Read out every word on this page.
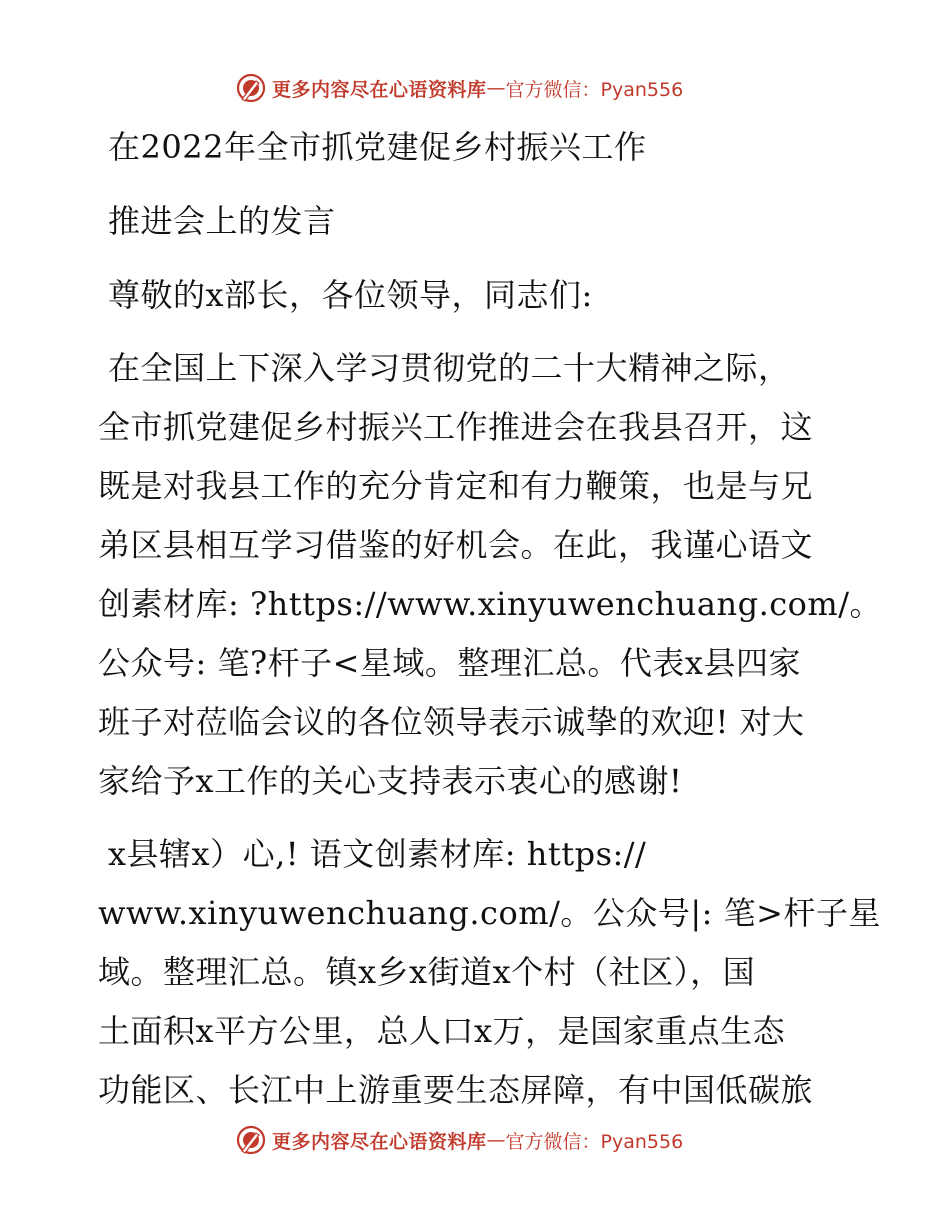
更多内容尽在心语资料库 — 官方微信：Pyan556
在2022年全市抓党建促乡村振兴工作
推进会上的发言
尊敬的x部长，各位领导，同志们:
在全国上下深入学习贯彻党的二十大精神之际，
全市抓党建促乡村振兴工作推进会在我县召开，这
既是对我县工作的充分肯定和有力鞭策，也是与兄
弟区县相互学习借鉴的好机会。在此，我谨心语文
创素材库: ?https://www.xinyuwenchuang.com/。
公众号: 笔?杆子<星域。整理汇总。代表x县四家
班子对莅临会议的各位领导表示诚挚的欢迎! 对大
家给予x工作的关心支持表示衷心的感谢!
x县辖x）心,! 语文创素材库: https://
www.xinyuwenchuang.com/。公众号|: 笔>杆子星
域。整理汇总。镇x乡x街道x个村（社区），国
土面积x平方公里，总人口x万，是国家重点生态
功能区、长江中上游重要生态屏障，有中国低碳旅
更多内容尽在心语资料库 — 官方微信：Pyan556
